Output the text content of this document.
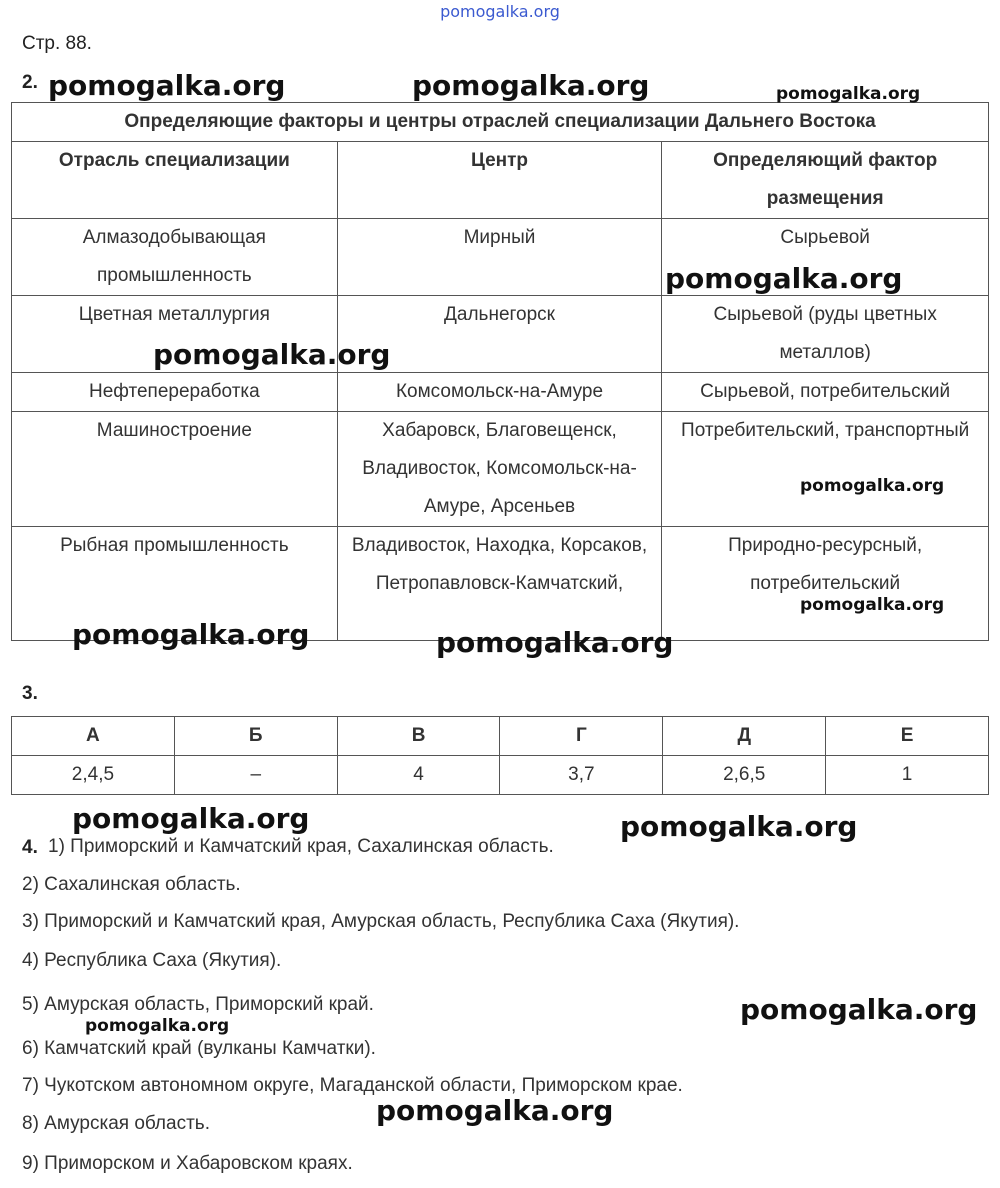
pomogalka.org
Стр. 88.
2.
Определяющие факторы и центры отраслей специализации Дальнего Востока		
Отрасль специализации	Центр	Определяющий фактор размещения
Алмазодобывающая промышленность	Мирный	Сырьевой
Цветная металлургия	Дальнегорск	Сырьевой (руды цветных металлов)
Нефтепереработка	Комсомольск-на-Амуре	Сырьевой, потребительский
Машиностроение	Хабаровск, Благовещенск, Владивосток, Комсомольск-на-Амуре, Арсеньев	Потребительский, транспортный
Рыбная промышленность	Владивосток, Находка, Корсаков, Петропавловск-Камчатский,	Природно-ресурсный, потребительский
3.
А	Б	В	Г	Д	Е
2,4,5	–	4	3,7	2,6,5	1
4. 1) Приморский и Камчатский края, Сахалинская область.
2) Сахалинская область.
3) Приморский и Камчатский края, Амурская область, Республика Саха (Якутия).
4) Республика Саха (Якутия).
5) Амурская область, Приморский край.
6) Камчатский край (вулканы Камчатки).
7) Чукотском автономном округе, Магаданской области, Приморском крае.
8) Амурская область.
9) Приморском и Хабаровском краях.
pomogalka.org	pomogalka.org	pomogalka.org
pomogalka.org
pomogalka.org
pomogalka.org
pomogalka.org
pomogalka.org	pomogalka.org
pomogalka.org	pomogalka.org
pomogalka.org
pomogalka.org
pomogalka.org
